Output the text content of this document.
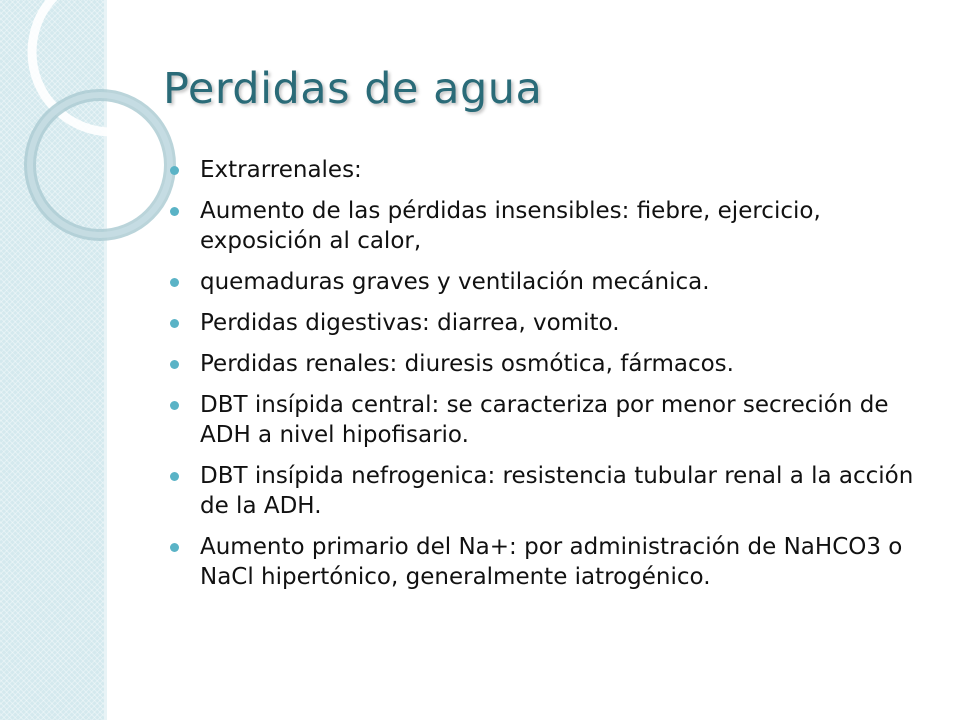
Perdidas de agua
Extrarrenales:
Aumento de las pérdidas insensibles: fiebre, ejercicio, exposición al calor,
quemaduras graves y ventilación mecánica.
Perdidas digestivas: diarrea, vomito.
Perdidas renales: diuresis osmótica, fármacos.
DBT insípida central: se caracteriza por menor secreción de ADH a nivel hipofisario.
DBT insípida nefrogenica: resistencia tubular renal a la acción de la ADH.
Aumento primario del Na+: por administración de NaHCO3 o NaCl hipertónico, generalmente iatrogénico.
